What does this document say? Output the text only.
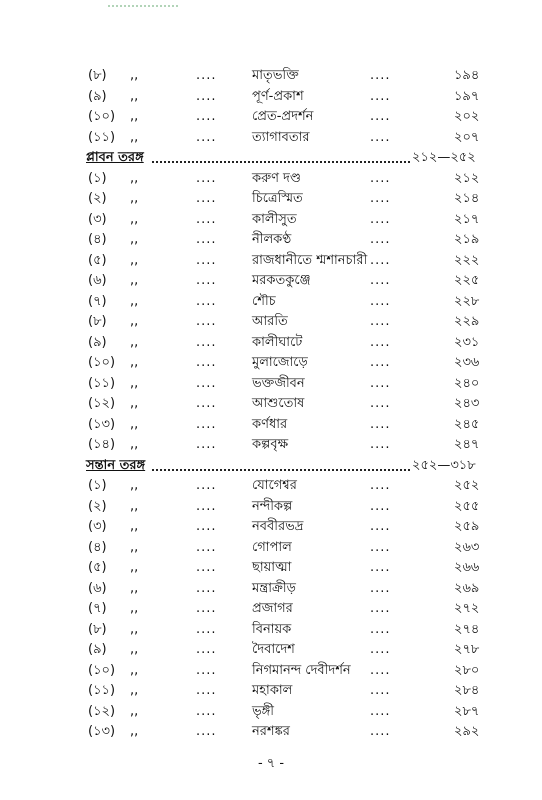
(৮) ,,	....	মাতৃভক্তি	....	১৯৪
(৯) ,,	....	পূর্ণ-প্রকাশ	....	১৯৭
(১০) ,,	....	প্রেত-প্রদর্শন	....	২০২
(১১) ,,	....	ত্যাগাবতার	....	২০৭
প্লাবন তরঙ্গ	২১২—২৫২
(১) ,,	....	করুণ দণ্ড	....	২১২
(২) ,,	....	চিত্রেস্মিত	....	২১৪
(৩) ,,	....	কালীসুত	....	২১৭
(৪) ,,	....	নীলকণ্ঠ	....	২১৯
(৫) ,,	....	রাজধানীতে শ্মশানচারী ....	২২২
(৬) ,,	....	মরকতকুঞ্জে	....	২২৫
(৭) ,,	....	শৌচ	....	২২৮
(৮) ,,	....	আরতি	....	২২৯
(৯) ,,	....	কালীঘাটে	....	২৩১
(১০) ,,	....	মুলাজোড়ে	....	২৩৬
(১১) ,,	....	ভক্তজীবন	....	২৪০
(১২) ,,	....	আশুতোষ	....	২৪৩
(১৩) ,,	....	কর্ণধার	....	২৪৫
(১৪) ,,	....	কল্পবৃক্ষ	....	২৪৭
সন্তান তরঙ্গ	২৫২—৩১৮
(১) ,,	....	যোগেশ্বর	....	২৫২
(২) ,,	....	নন্দীকল্প	....	২৫৫
(৩) ,,	....	নববীরভদ্র	....	২৫৯
(৪) ,,	....	গোপাল	....	২৬৩
(৫) ,,	....	ছায়াত্মা	....	২৬৬
(৬) ,,	....	মন্ত্রাক্রীড়	....	২৬৯
(৭) ,,	....	প্রজাগর	....	২৭২
(৮) ,,	....	বিনায়ক	....	২৭৪
(৯) ,,	....	দৈবাদেশ	....	২৭৮
(১০) ,,	....	নিগমানন্দ দেবীদর্শন ....	২৮০
(১১) ,,	....	মহাকাল	....	২৮৪
(১২) ,,	....	ভৃঙ্গী	....	২৮৭
(১৩) ,,	....	নরশঙ্কর	....	২৯২
- ৭ -
